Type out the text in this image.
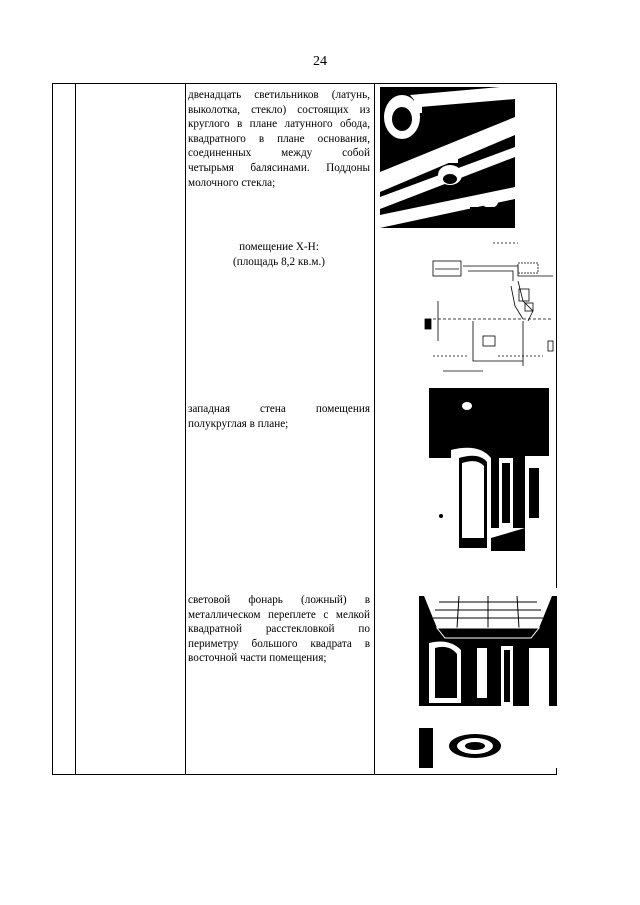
24
двенадцать светильников (латунь,
выколотка, стекло) состоящих из
круглого в плане латунного обода,
квадратного в плане основания,
соединенных между собой
четырьмя балясинами. Поддоны
молочного стекла;
помещение Х-Н:
(площадь 8,2 кв.м.)
западная стена помещения
полукруглая в плане;
световой фонарь (ложный) в
металлическом переплете с мелкой
квадратной расстекловкой по
периметру большого квадрата в
восточной части помещения;
